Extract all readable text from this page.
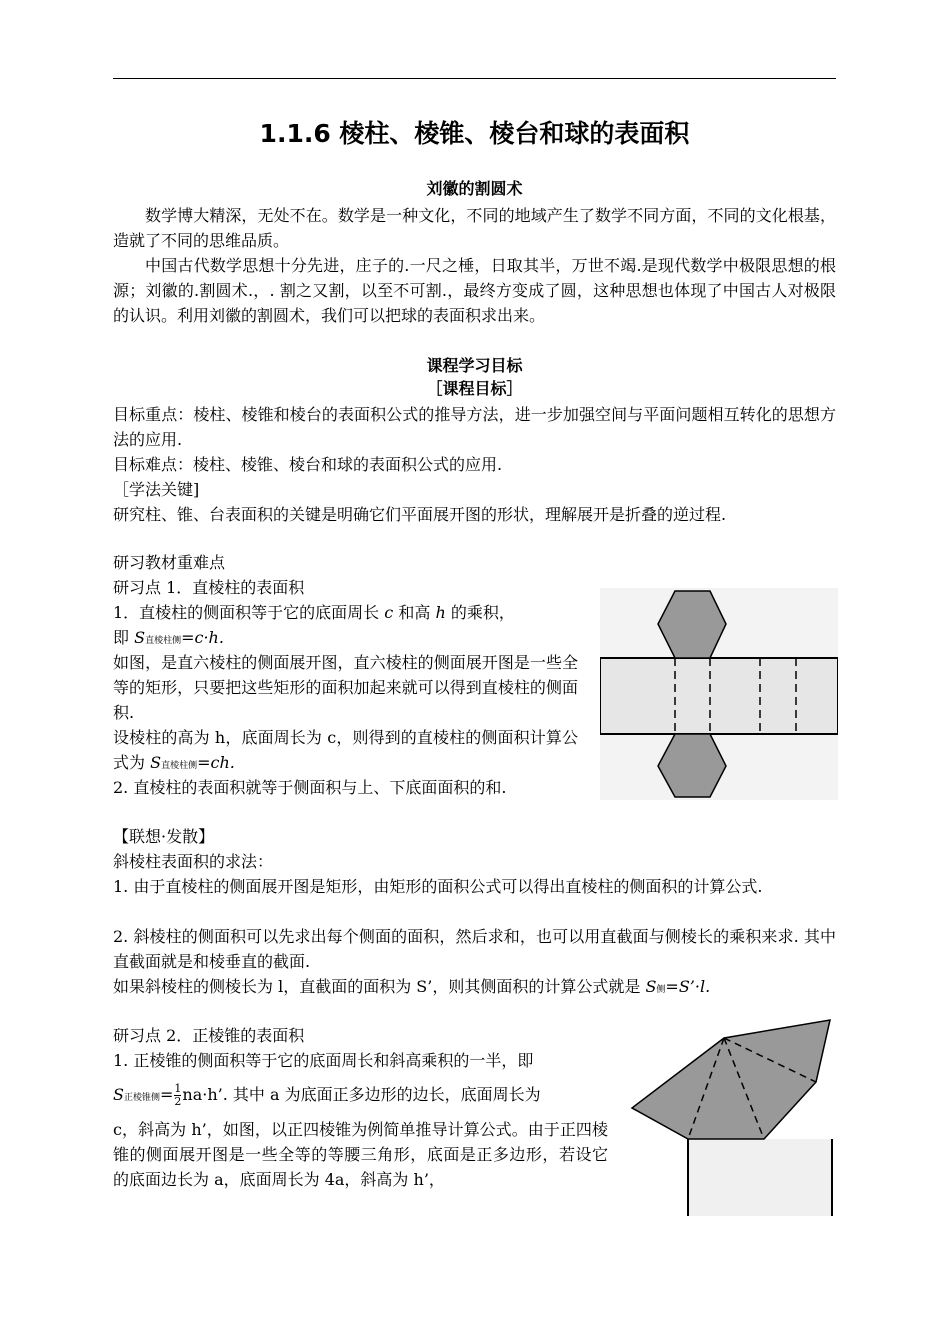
1.1.6 棱柱、棱锥、棱台和球的表面积
刘徽的割圆术
数学博大精深，无处不在。数学是一种文化，不同的地域产生了数学不同方面，不同的文化根基，造就了不同的思维品质。
中国古代数学思想十分先进，庄子的.一尺之棰，日取其半，万世不竭.是现代数学中极限思想的根源；刘徽的.割圆术.，. 割之又割，以至不可割.，最终方变成了圆，这种思想也体现了中国古人对极限的认识。利用刘徽的割圆术，我们可以把球的表面积求出来。
课程学习目标
［课程目标］
目标重点：棱柱、棱锥和棱台的表面积公式的推导方法，进一步加强空间与平面问题相互转化的思想方法的应用.
目标难点：棱柱、棱锥、棱台和球的表面积公式的应用.
［学法关键]
研究柱、锥、台表面积的关键是明确它们平面展开图的形状，理解展开是折叠的逆过程.
研习教材重难点
研习点 1．直棱柱的表面积
1．直棱柱的侧面积等于它的底面周长 c 和高 h 的乘积，
即 S直棱柱侧=c·h.
如图，是直六棱柱的侧面展开图，直六棱柱的侧面展开图是一些全等的矩形，只要把这些矩形的面积加起来就可以得到直棱柱的侧面积.
设棱柱的高为 h，底面周长为 c，则得到的直棱柱的侧面积计算公式为 S直棱柱侧=ch.
2. 直棱柱的表面积就等于侧面积与上、下底面面积的和.
【联想·发散】
斜棱柱表面积的求法：
1. 由于直棱柱的侧面展开图是矩形，由矩形的面积公式可以得出直棱柱的侧面积的计算公式.
2. 斜棱柱的侧面积可以先求出每个侧面的面积，然后求和，也可以用直截面与侧棱长的乘积来求. 其中直截面就是和棱垂直的截面.
如果斜棱柱的侧棱长为 l，直截面的面积为 S’，则其侧面积的计算公式就是 S侧=S’·l.
研习点 2．正棱锥的表面积
1. 正棱锥的侧面积等于它的底面周长和斜高乘积的一半，即
S正棱锥侧= $\frac{1}{2} na\cdot h$’. 其中 a 为底面正多边形的边长，底面周长为
c，斜高为 h’，如图，以正四棱锥为例简单推导计算公式。由于正四棱锥的侧面展开图是一些全等的等腰三角形，底面是正多边形，若设它的底面边长为 a，底面周长为 4a，斜高为 h’，
